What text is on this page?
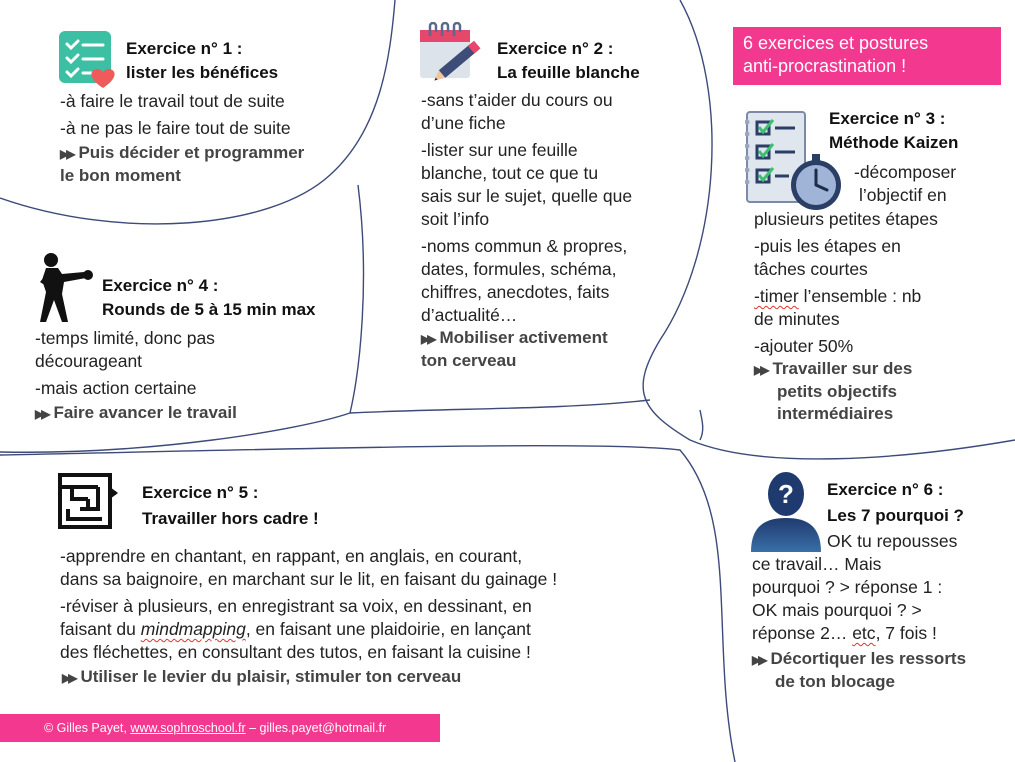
6 exercices et postures
anti-procrastination !
Exercice n° 1 :
lister les bénéfices

-à faire le travail tout de suite

-à ne pas le faire tout de suite

▶▶ Puis décider et programmer
le bon moment
Exercice n° 2 :
La feuille blanche

-sans t’aider du cours ou
d’une fiche

-lister sur une feuille
blanche, tout ce que tu
sais sur le sujet, quelle que
soit l’info

-noms commun & propres,
dates, formules, schéma,
chiffres, anecdotes, faits
d’actualité…

▶▶ Mobiliser activement
ton cerveau
Exercice n° 3 :
Méthode Kaizen
-décomposer
l’objectif en

plusieurs petites étapes

-puis les étapes en
tâches courtes

-timer l’ensemble : nb
de minutes

-ajouter 50%

▶▶ Travailler sur des
petits objectifs
intermédiaires
Exercice n° 4 :
Rounds de 5 à 15 min max

-temps limité, donc pas
décourageant

-mais action certaine

▶▶ Faire avancer le travail
Exercice n° 5 :
Travailler hors cadre !

-apprendre en chantant, en rappant, en anglais, en courant,
dans sa baignoire, en marchant sur le lit, en faisant du gainage !

-réviser à plusieurs, en enregistrant sa voix, en dessinant, en
faisant du mindmapping, en faisant une plaidoirie, en lançant
des fléchettes, en consultant des tutos, en faisant la cuisine !

▶▶ Utiliser le levier du plaisir, stimuler ton cerveau
? Exercice n° 6 :
Les 7 pourquoi ?
OK tu repousses
ce travail… Mais
pourquoi ? > réponse 1 :
OK mais pourquoi ? >
réponse 2… etc, 7 fois !
▶▶ Décortiquer les ressorts
de ton blocage
© Gilles Payet, www.sophroschool.fr – gilles.payet@hotmail.fr
